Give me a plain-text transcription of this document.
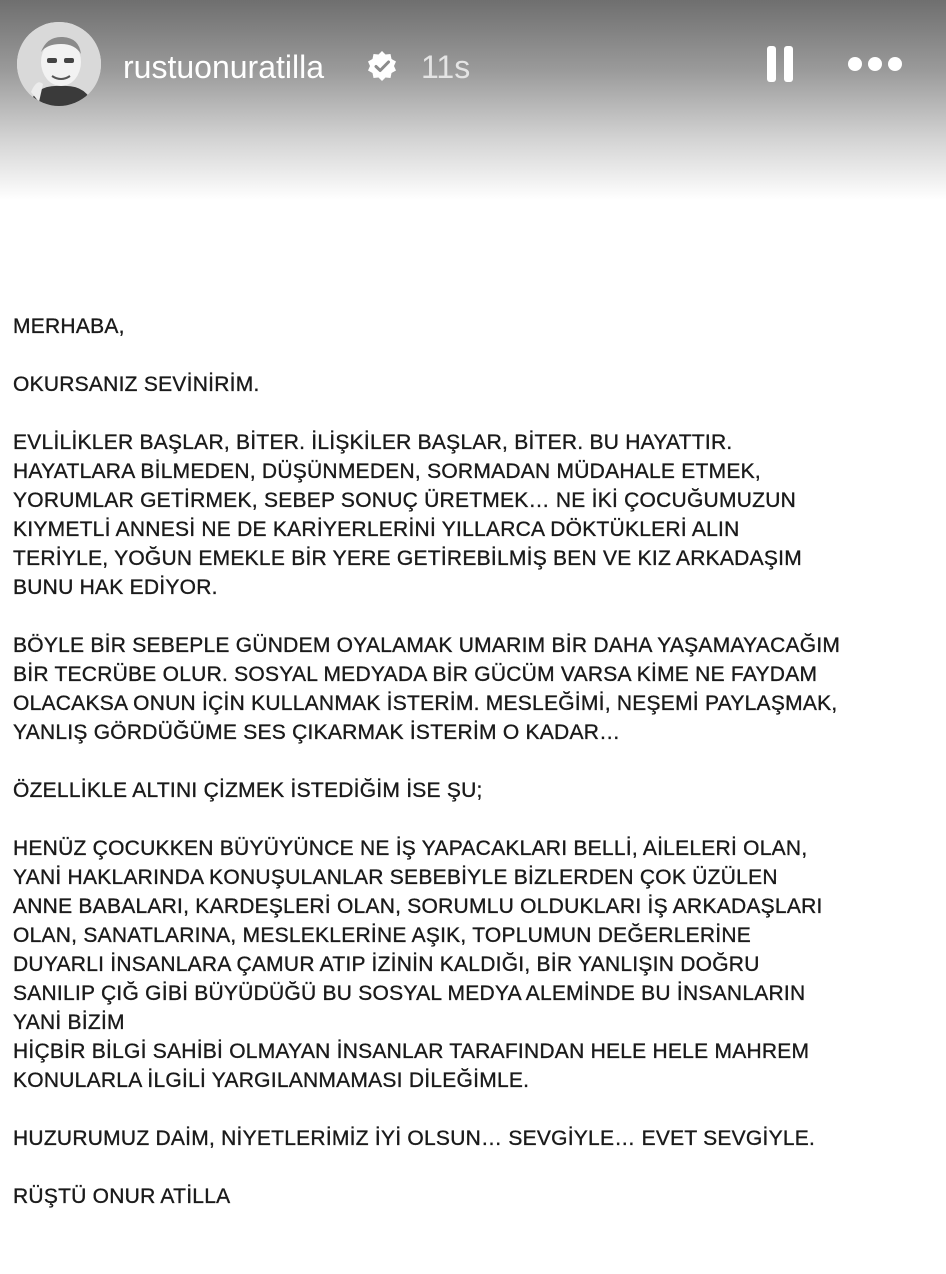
rustuonuratilla	11s
MERHABA,
OKURSANIZ SEVİNİRİM.

EVLİLİKLER BAŞLAR, BİTER. İLİŞKİLER BAŞLAR, BİTER. BU HAYATTIR.
HAYATLARA BİLMEDEN, DÜŞÜNMEDEN, SORMADAN MÜDAHALE ETMEK,
YORUMLAR GETİRMEK, SEBEP SONUÇ ÜRETMEK… NE İKİ ÇOCUĞUMUZUN
KIYMETLİ ANNESİ NE DE KARİYERLERİNİ YILLARCA DÖKTÜKLERİ ALIN
TERİYLE, YOĞUN EMEKLE BİR YERE GETİREBİLMİŞ BEN VE KIZ ARKADAŞIM
BUNU HAK EDİYOR.

BÖYLE BİR SEBEPLE GÜNDEM OYALAMAK UMARIM BİR DAHA YAŞAMAYACAĞIM
BİR TECRÜBE OLUR. SOSYAL MEDYADA BİR GÜCÜM VARSA KİME NE FAYDAM
OLACAKSA ONUN İÇİN KULLANMAK İSTERİM. MESLEĞİMİ, NEŞEMİ PAYLAŞMAK,
YANLIŞ GÖRDÜĞÜME SES ÇIKARMAK İSTERİM O KADAR…

ÖZELLİKLE ALTINI ÇİZMEK İSTEDİĞİM İSE ŞU;

HENÜZ ÇOCUKKEN BÜYÜYÜNCE NE İŞ YAPACAKLARI BELLİ, AİLELERİ OLAN,
YANİ HAKLARINDA KONUŞULANLAR SEBEBİYLE BİZLERDEN ÇOK ÜZÜLEN
ANNE BABALARI, KARDEŞLERİ OLAN, SORUMLU OLDUKLARI İŞ ARKADAŞLARI
OLAN, SANATLARINA, MESLEKLERİNE AŞIK, TOPLUMUN DEĞERLERİNE
DUYARLI İNSANLARA ÇAMUR ATIP İZİNİN KALDIĞI, BİR YANLIŞIN DOĞRU
SANILIP ÇIĞ GİBİ BÜYÜDÜĞÜ BU SOSYAL MEDYA ALEMİNDE BU İNSANLARIN
YANİ BİZİM
HİÇBİR BİLGİ SAHİBİ OLMAYAN İNSANLAR TARAFINDAN HELE HELE MAHREM
KONULARLA İLGİLİ YARGILANMAMASI DİLEĞİMLE.

HUZURUMUZ DAİM, NİYETLERİMİZ İYİ OLSUN… SEVGİYLE… EVET SEVGİYLE.
RÜŞTÜ ONUR ATİLLA
